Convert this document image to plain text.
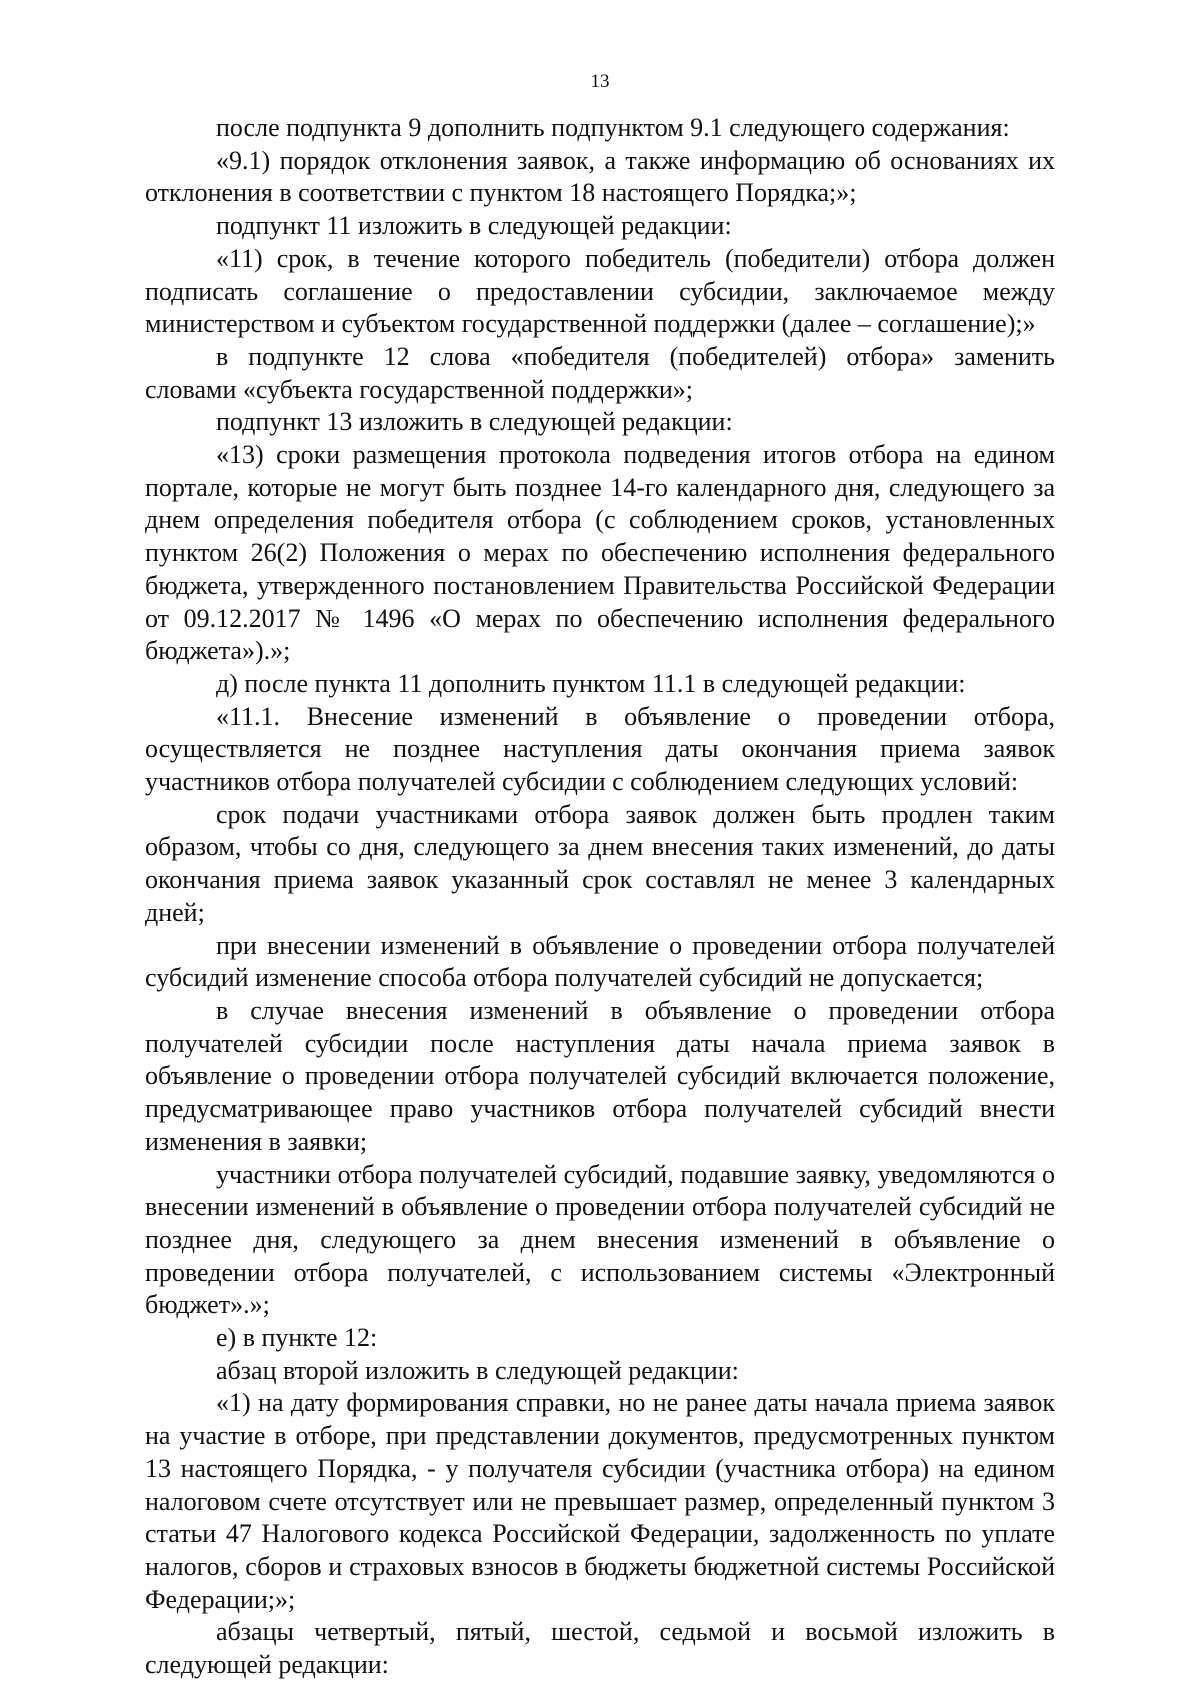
13

после подпункта 9 дополнить подпунктом 9.1 следующего содержания:

«9.1) порядок отклонения заявок, а также информацию об основаниях их отклонения в соответствии с пунктом 18 настоящего Порядка;»;

подпункт 11 изложить в следующей редакции:

«11) срок, в течение которого победитель (победители) отбора должен подписать соглашение о предоставлении субсидии, заключаемое между министерством и субъектом государственной поддержки (далее – соглашение);»

в подпункте 12 слова «победителя (победителей) отбора» заменить словами «субъекта государственной поддержки»;

подпункт 13 изложить в следующей редакции:

«13) сроки размещения протокола подведения итогов отбора на едином портале, которые не могут быть позднее 14-го календарного дня, следующего за днем определения победителя отбора (с соблюдением сроков, установленных пунктом 26(2) Положения о мерах по обеспечению исполнения федерального бюджета, утвержденного постановлением Правительства Российской Федерации от 09.12.2017 № 1496 «О мерах по обеспечению исполнения федерального бюджета»).»;

д) после пункта 11 дополнить пунктом 11.1 в следующей редакции:

«11.1. Внесение изменений в объявление о проведении отбора, осуществляется не позднее наступления даты окончания приема заявок участников отбора получателей субсидии с соблюдением следующих условий:

срок подачи участниками отбора заявок должен быть продлен таким образом, чтобы со дня, следующего за днем внесения таких изменений, до даты окончания приема заявок указанный срок составлял не менее 3 календарных дней;

при внесении изменений в объявление о проведении отбора получателей субсидий изменение способа отбора получателей субсидий не допускается;

в случае внесения изменений в объявление о проведении отбора получателей субсидии после наступления даты начала приема заявок в объявление о проведении отбора получателей субсидий включается положение, предусматривающее право участников отбора получателей субсидий внести изменения в заявки;

участники отбора получателей субсидий, подавшие заявку, уведомляются о внесении изменений в объявление о проведении отбора получателей субсидий не позднее дня, следующего за днем внесения изменений в объявление о проведении отбора получателей, с использованием системы «Электронный бюджет».»;

е) в пункте 12:

абзац второй изложить в следующей редакции:

«1) на дату формирования справки, но не ранее даты начала приема заявок на участие в отборе, при представлении документов, предусмотренных пунктом 13 настоящего Порядка, - у получателя субсидии (участника отбора) на едином налоговом счете отсутствует или не превышает размер, определенный пунктом 3 статьи 47 Налогового кодекса Российской Федерации, задолженность по уплате налогов, сборов и страховых взносов в бюджеты бюджетной системы Российской Федерации;»;

абзацы четвертый, пятый, шестой, седьмой и восьмой изложить в следующей редакции:
